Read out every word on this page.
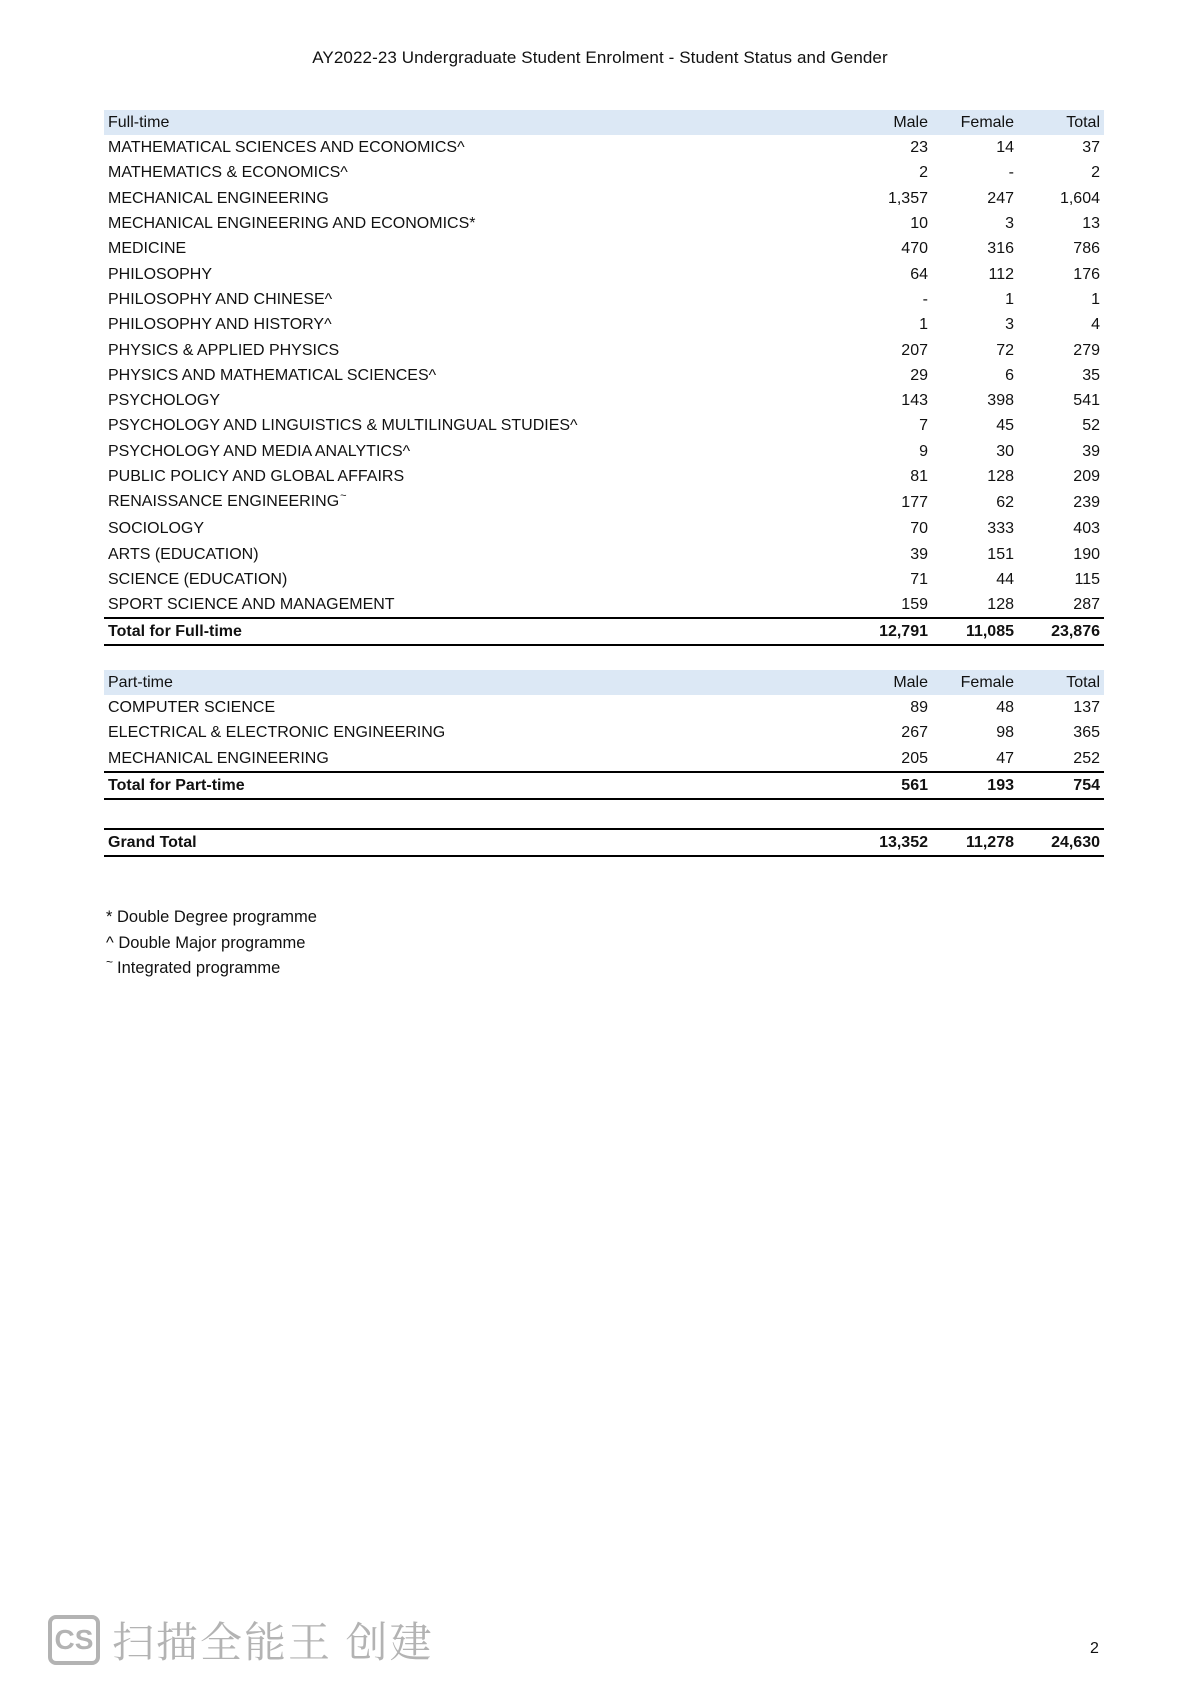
AY2022-23 Undergraduate Student Enrolment - Student Status and Gender
Full-time	Male	Female	Total
MATHEMATICAL SCIENCES AND ECONOMICS^	23	14	37
MATHEMATICS & ECONOMICS^	2	-	2
MECHANICAL ENGINEERING	1,357	247	1,604
MECHANICAL ENGINEERING AND ECONOMICS*	10	3	13
MEDICINE	470	316	786
PHILOSOPHY	64	112	176
PHILOSOPHY AND CHINESE^	-	1	1
PHILOSOPHY AND HISTORY^	1	3	4
PHYSICS & APPLIED PHYSICS	207	72	279
PHYSICS AND MATHEMATICAL SCIENCES^	29	6	35
PSYCHOLOGY	143	398	541
PSYCHOLOGY AND LINGUISTICS & MULTILINGUAL STUDIES^	7	45	52
PSYCHOLOGY AND MEDIA ANALYTICS^	9	30	39
PUBLIC POLICY AND GLOBAL AFFAIRS	81	128	209
RENAISSANCE ENGINEERING~	177	62	239
SOCIOLOGY	70	333	403
ARTS (EDUCATION)	39	151	190
SCIENCE (EDUCATION)	71	44	115
SPORT SCIENCE AND MANAGEMENT	159	128	287
Total for Full-time	12,791	11,085	23,876
Part-time	Male	Female	Total
COMPUTER SCIENCE	89	48	137
ELECTRICAL & ELECTRONIC ENGINEERING	267	98	365
MECHANICAL ENGINEERING	205	47	252
Total for Part-time	561	193	754
Grand Total	13,352	11,278	24,630
* Double Degree programme
^ Double Major programme
~ Integrated programme
CS 扫描全能王 创建	2
